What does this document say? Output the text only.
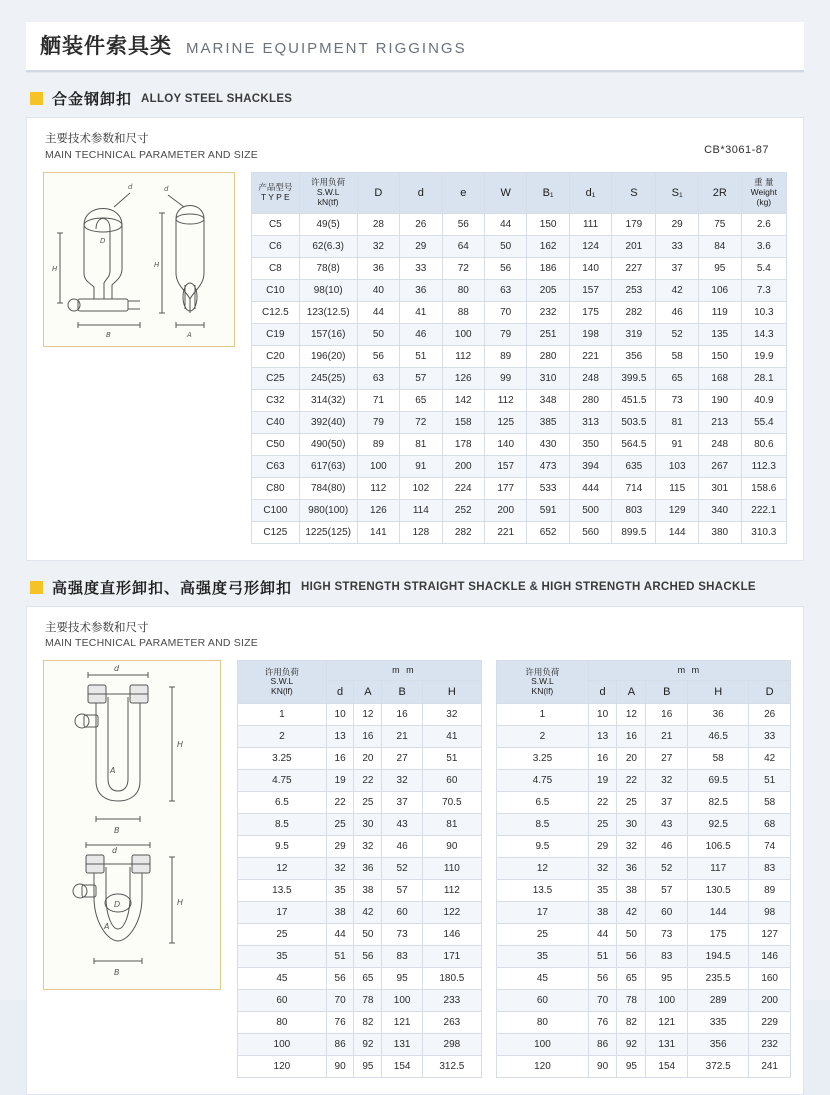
舾装件索具类 MARINE EQUIPMENT RIGGINGS
合金钢卸扣 ALLOY STEEL SHACKLES
主要技术参数和尺寸
MAIN TECHNICAL PARAMETER AND SIZE	CB*3061-87
H
B
H
A
d	d
D
产品型号
T Y P E	许用负荷
S.W.L
kN(tf)	D	d	e	W	B₁	d₁	S	S₁	2R	重 量
Weight
(kg)

C5	49(5)	28	26	56	44	150	111	179	29	75	2.6
C6	62(6.3)	32	29	64	50	162	124	201	33	84	3.6
C8	78(8)	36	33	72	56	186	140	227	37	95	5.4
C10	98(10)	40	36	80	63	205	157	253	42	106	7.3
C12.5	123(12.5)	44	41	88	70	232	175	282	46	119	10.3
C19	157(16)	50	46	100	79	251	198	319	52	135	14.3
C20	196(20)	56	51	112	89	280	221	356	58	150	19.9
C25	245(25)	63	57	126	99	310	248	399.5	65	168	28.1
C32	314(32)	71	65	142	112	348	280	451.5	73	190	40.9
C40	392(40)	79	72	158	125	385	313	503.5	81	213	55.4
C50	490(50)	89	81	178	140	430	350	564.5	91	248	80.6
C63	617(63)	100	91	200	157	473	394	635	103	267	112.3
C80	784(80)	112	102	224	177	533	444	714	115	301	158.6
C100	980(100)	126	114	252	200	591	500	803	129	340	222.1
C125	1225(125)	141	128	282	221	652	560	899.5	144	380	310.3
高强度直形卸扣、高强度弓形卸扣 HIGH STRENGTH STRAIGHT SHACKLE & HIGH STRENGTH ARCHED SHACKLE
主要技术参数和尺寸
MAIN TECHNICAL PARAMETER AND SIZE
d
H
B
A
d
H
B
D
A
许用负荷
S.W.L
KN(lf)	m m			
	d	A	B	H
1	10	12	16	32
2	13	16	21	41
3.25	16	20	27	51
4.75	19	22	32	60
6.5	22	25	37	70.5
8.5	25	30	43	81
9.5	29	32	46	90
12	32	36	52	110
13.5	35	38	57	112
17	38	42	60	122
25	44	50	73	146
35	51	56	83	171
45	56	65	95	180.5
60	70	78	100	233
80	76	82	121	263
100	86	92	131	298
120	90	95	154	312.5
许用负荷
S.W.L
KN(lf)	m m				
	d	A	B	H	D
1	10	12	16	36	26
2	13	16	21	46.5	33
3.25	16	20	27	58	42
4.75	19	22	32	69.5	51
6.5	22	25	37	82.5	58
8.5	25	30	43	92.5	68
9.5	29	32	46	106.5	74
12	32	36	52	117	83
13.5	35	38	57	130.5	89
17	38	42	60	144	98
25	44	50	73	175	127
35	51	56	83	194.5	146
45	56	65	95	235.5	160
60	70	78	100	289	200
80	76	82	121	335	229
100	86	92	131	356	232
120	90	95	154	372.5	241
